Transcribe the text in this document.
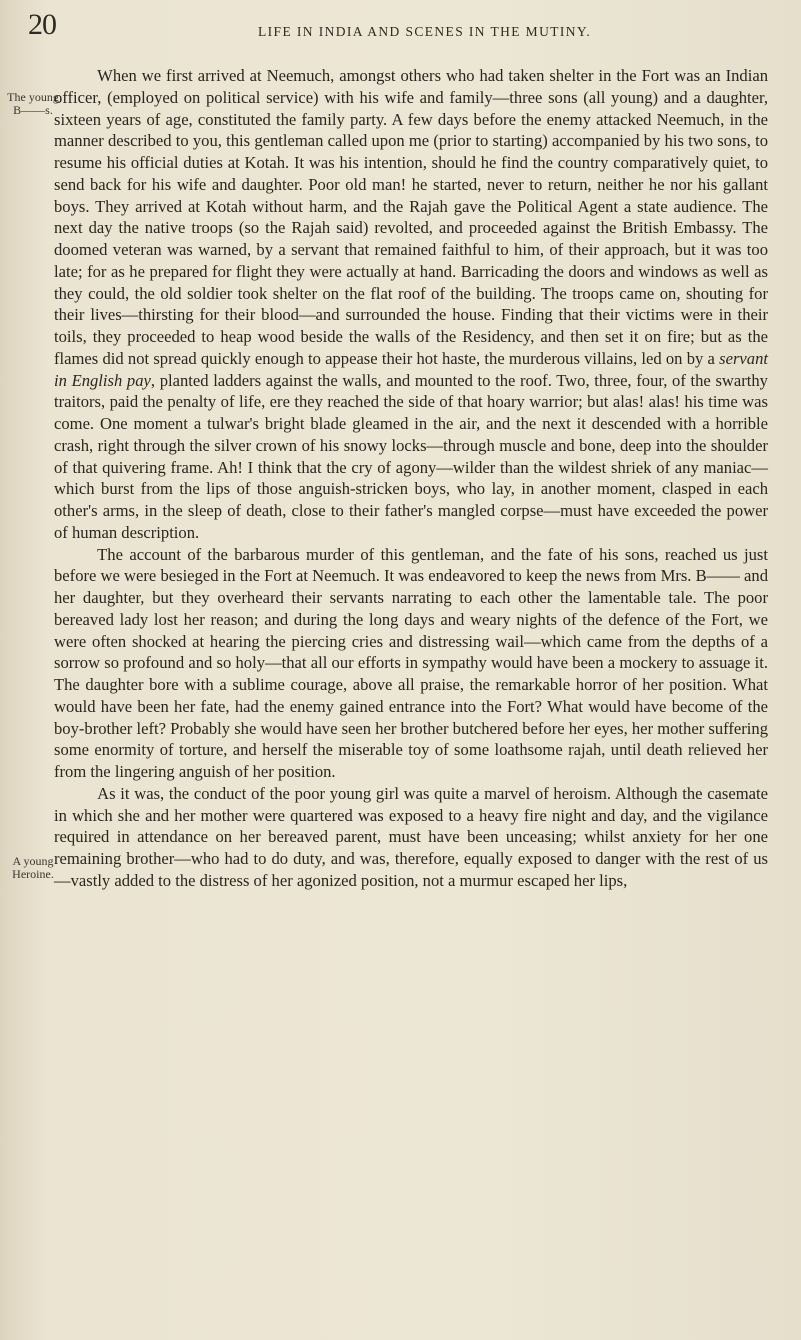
20	LIFE IN INDIA AND SCENES IN THE MUTINY.
The young B——s.
A young Heroine.

When we first arrived at Neemuch, amongst others who had taken shelter in the Fort was an Indian officer, (employed on political service) with his wife and family—three sons (all young) and a daughter, sixteen years of age, constituted the family party. A few days before the enemy attacked Neemuch, in the manner described to you, this gentleman called upon me (prior to starting) accompanied by his two sons, to resume his official duties at Kotah. It was his intention, should he find the country comparatively quiet, to send back for his wife and daughter. Poor old man! he started, never to return, neither he nor his gallant boys. They arrived at Kotah without harm, and the Rajah gave the Political Agent a state audience. The next day the native troops (so the Rajah said) revolted, and proceeded against the British Embassy. The doomed veteran was warned, by a servant that remained faithful to him, of their approach, but it was too late; for as he prepared for flight they were actually at hand. Barricading the doors and windows as well as they could, the old soldier took shelter on the flat roof of the building. The troops came on, shouting for their lives—thirsting for their blood—and surrounded the house. Finding that their victims were in their toils, they proceeded to heap wood beside the walls of the Residency, and then set it on fire; but as the flames did not spread quickly enough to appease their hot haste, the murderous villains, led on by a servant in English pay, planted ladders against the walls, and mounted to the roof. Two, three, four, of the swarthy traitors, paid the penalty of life, ere they reached the side of that hoary warrior; but alas! alas! his time was come. One moment a tulwar's bright blade gleamed in the air, and the next it descended with a horrible crash, right through the silver crown of his snowy locks—through muscle and bone, deep into the shoulder of that quivering frame. Ah! I think that the cry of agony—wilder than the wildest shriek of any maniac—which burst from the lips of those anguish-stricken boys, who lay, in another moment, clasped in each other's arms, in the sleep of death, close to their father's mangled corpse—must have exceeded the power of human description.

The account of the barbarous murder of this gentleman, and the fate of his sons, reached us just before we were besieged in the Fort at Neemuch. It was endeavored to keep the news from Mrs. B—— and her daughter, but they overheard their servants narrating to each other the lamentable tale. The poor bereaved lady lost her reason; and during the long days and weary nights of the defence of the Fort, we were often shocked at hearing the piercing cries and distressing wail—which came from the depths of a sorrow so profound and so holy—that all our efforts in sympathy would have been a mockery to assuage it. The daughter bore with a sublime courage, above all praise, the remarkable horror of her position. What would have been her fate, had the enemy gained entrance into the Fort? What would have become of the boy-brother left? Probably she would have seen her brother butchered before her eyes, her mother suffering some enormity of torture, and herself the miserable toy of some loathsome rajah, until death relieved her from the lingering anguish of her position.

As it was, the conduct of the poor young girl was quite a marvel of heroism. Although the casemate in which she and her mother were quartered was exposed to a heavy fire night and day, and the vigilance required in attendance on her bereaved parent, must have been unceasing; whilst anxiety for her one remaining brother—who had to do duty, and was, therefore, equally exposed to danger with the rest of us—vastly added to the distress of her agonized position, not a murmur escaped her lips,
